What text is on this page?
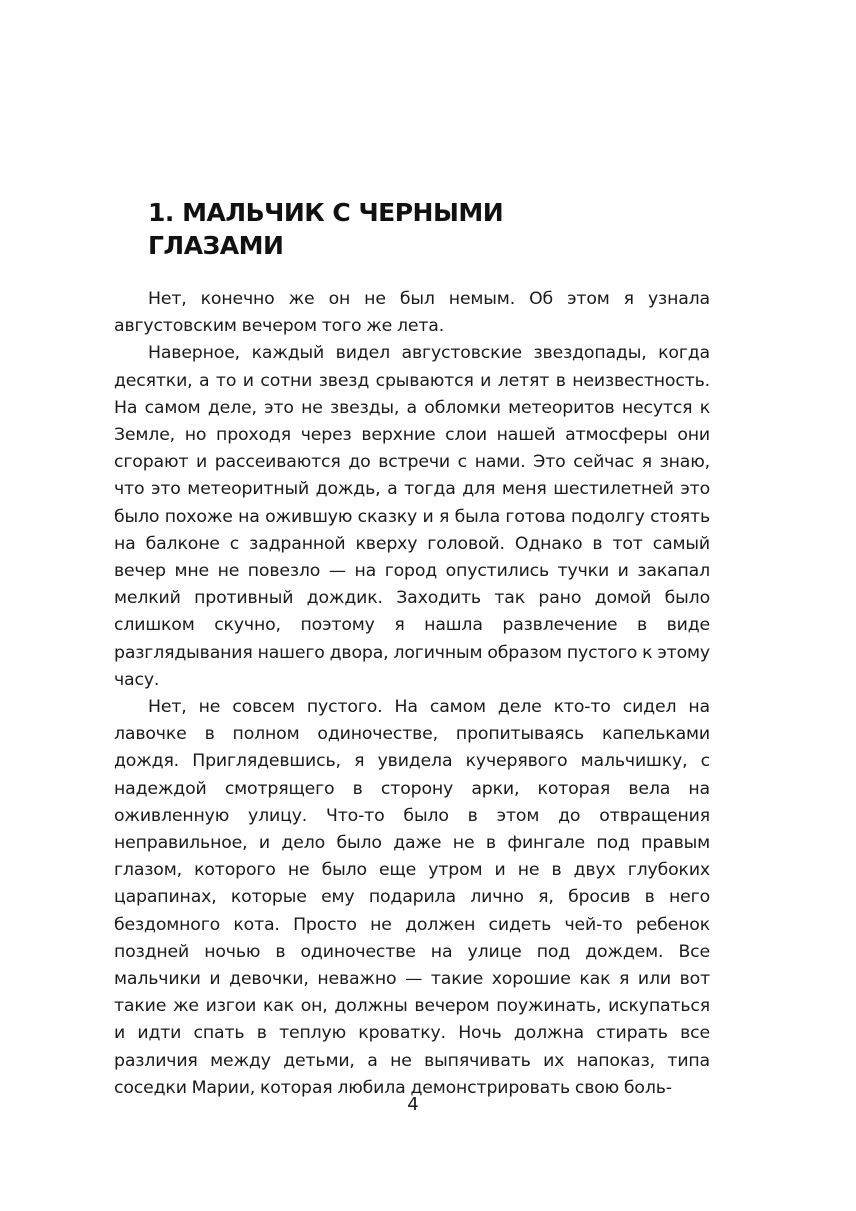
1. МАЛЬЧИК С ЧЕРНЫМИ
ГЛАЗАМИ

Нет, конечно же он не был немым. Об этом я узнала августовским вечером того же лета.

Наверное, каждый видел августовские звездопады, когда десятки, а то и сотни звезд срываются и летят в неизвестность. На самом деле, это не звезды, а обломки метеоритов несутся к Земле, но проходя через верхние слои нашей атмосферы они сгорают и рассеиваются до встречи с нами. Это сейчас я знаю, что это метеоритный дождь, а тогда для меня шестилетней это было похоже на ожившую сказку и я была готова подолгу стоять на балконе с задранной кверху головой. Однако в тот самый вечер мне не повезло — на город опустились тучки и закапал мелкий противный дождик. Заходить так рано домой было слишком скучно, поэтому я нашла развлечение в виде разглядывания нашего двора, логичным образом пустого к этому часу.

Нет, не совсем пустого. На самом деле кто-то сидел на лавочке в полном одиночестве, пропитываясь капельками дождя. Приглядевшись, я увидела кучерявого мальчишку, с надеждой смотрящего в сторону арки, которая вела на оживленную улицу. Что-то было в этом до отвращения неправильное, и дело было даже не в фингале под правым глазом, которого не было еще утром и не в двух глубоких царапинах, которые ему подарила лично я, бросив в него бездомного кота. Просто не должен сидеть чей-то ребенок поздней ночью в одиночестве на улице под дождем. Все мальчики и девочки, неважно — такие хорошие как я или вот такие же изгои как он, должны вечером поужинать, искупаться и идти спать в теплую кроватку. Ночь должна стирать все различия между детьми, а не выпячивать их напоказ, типа соседки Марии, которая любила демонстрировать свою боль-

4
